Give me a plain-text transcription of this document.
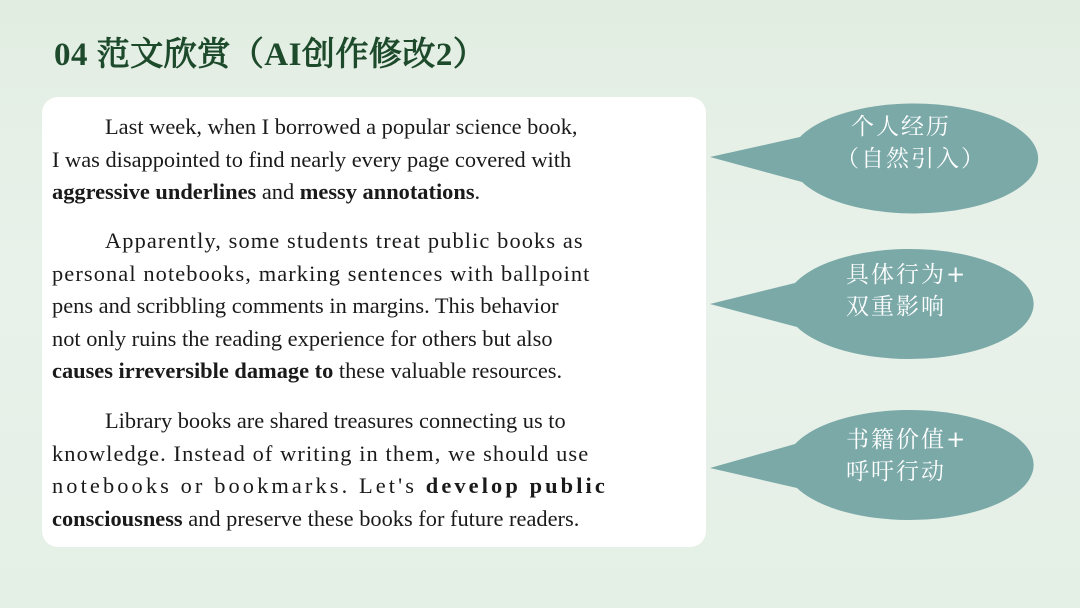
04 范文欣赏（AI创作修改2）
Last week, when I borrowed a popular science book,
I was disappointed to find nearly every page covered with
aggressive underlines and messy annotations.
Apparently, some students treat public books as
personal notebooks, marking sentences with ballpoint
pens and scribbling comments in margins. This behavior
not only ruins the reading experience for others but also
causes irreversible damage to these valuable resources.
Library books are shared treasures connecting us to
knowledge. Instead of writing in them, we should use
notebooks or bookmarks. Let's develop public
consciousness and preserve these books for future readers.
个人经历
（自然引入）
具体行为+
双重影响
书籍价值+
呼吁行动
